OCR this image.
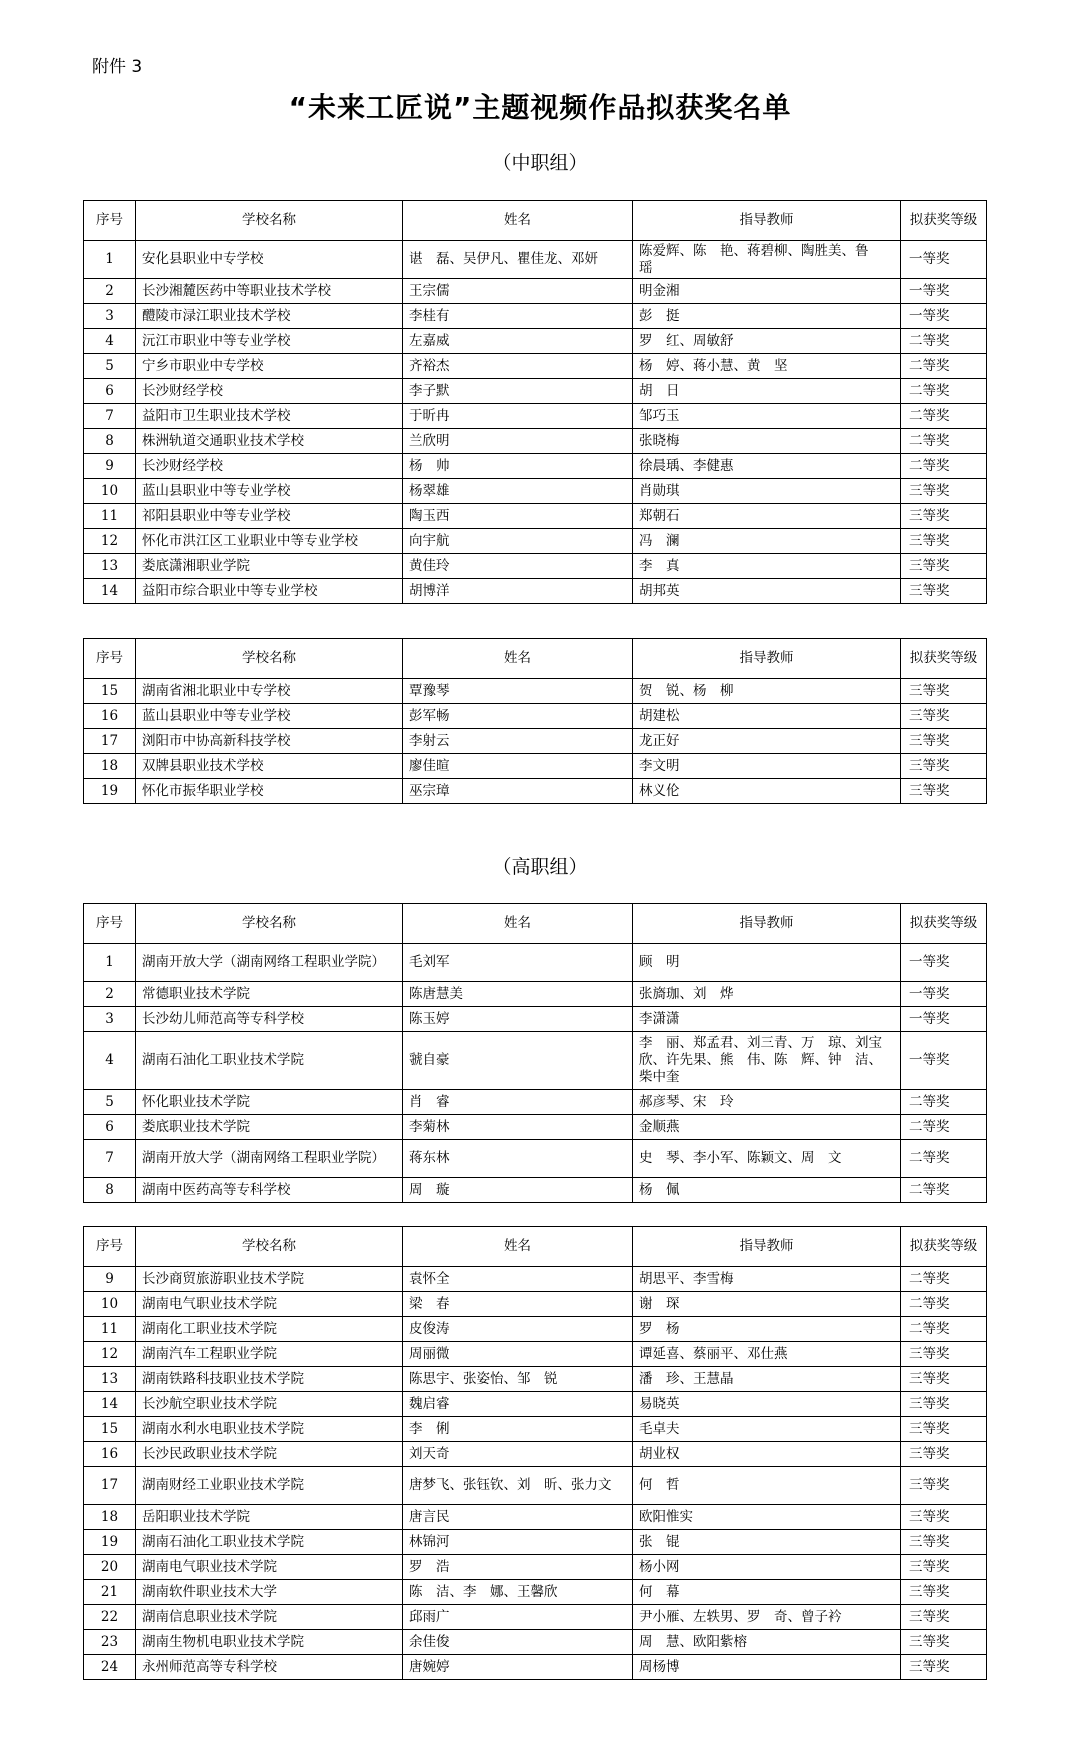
附件 3
“未来工匠说”主题视频作品拟获奖名单
（中职组）
序号	学校名称	姓名	指导教师	拟获奖等级
1	安化县职业中专学校	谌　磊、吴伊凡、瞿佳龙、邓妍	陈爱辉、陈　艳、蒋碧柳、陶胜美、鲁　瑶	一等奖
2	长沙湘麓医药中等职业技术学校	王宗儒	明金湘	一等奖
3	醴陵市渌江职业技术学校	李桂有	彭　挺	一等奖
4	沅江市职业中等专业学校	左嘉威	罗　红、周敏舒	二等奖
5	宁乡市职业中专学校	齐裕杰	杨　婷、蒋小慧、黄　坚	二等奖
6	长沙财经学校	李子默	胡　日	二等奖
7	益阳市卫生职业技术学校	于昕冉	邹巧玉	二等奖
8	株洲轨道交通职业技术学校	兰欣明	张晓梅	二等奖
9	长沙财经学校	杨　帅	徐晨瑀、李健惠	二等奖
10	蓝山县职业中等专业学校	杨翠雄	肖勋琪	三等奖
11	祁阳县职业中等专业学校	陶玉西	郑朝石	三等奖
12	怀化市洪江区工业职业中等专业学校	向宇航	冯　澜	三等奖
13	娄底潇湘职业学院	黄佳玲	李　真	三等奖
14	益阳市综合职业中等专业学校	胡博洋	胡邦英	三等奖
序号	学校名称	姓名	指导教师	拟获奖等级
15	湖南省湘北职业中专学校	覃豫琴	贺　锐、杨　柳	三等奖
16	蓝山县职业中等专业学校	彭军畅	胡建松	三等奖
17	浏阳市中协高新科技学校	李射云	龙正好	三等奖
18	双牌县职业技术学校	廖佳暄	李文明	三等奖
19	怀化市振华职业学校	巫宗璋	林义伦	三等奖
（高职组）
序号	学校名称	姓名	指导教师	拟获奖等级
1	湖南开放大学（湖南网络工程职业学院）	毛刘军	顾　明	一等奖
2	常德职业技术学院	陈唐慧美	张旖珈、刘　烨	一等奖
3	长沙幼儿师范高等专科学校	陈玉婷	李潇潇	一等奖
4	湖南石油化工职业技术学院	虢自豪	李　丽、郑孟君、刘三青、万　琼、刘宝欣、许先果、熊　伟、陈　辉、钟　洁、柴中奎	一等奖
5	怀化职业技术学院	肖　睿	郝彦琴、宋　玲	二等奖
6	娄底职业技术学院	李菊林	金顺燕	二等奖
7	湖南开放大学（湖南网络工程职业学院）	蒋东林	史　琴、李小军、陈颖文、周　文	二等奖
8	湖南中医药高等专科学校	周　璇	杨　佩	二等奖
序号	学校名称	姓名	指导教师	拟获奖等级
9	长沙商贸旅游职业技术学院	袁怀全	胡思平、李雪梅	二等奖
10	湖南电气职业技术学院	梁　春	谢　琛	二等奖
11	湖南化工职业技术学院	皮俊涛	罗　杨	二等奖
12	湖南汽车工程职业学院	周丽微	谭延喜、蔡丽平、邓仕燕	三等奖
13	湖南铁路科技职业技术学院	陈思宇、张姿怡、邹　锐	潘　珍、王慧晶	三等奖
14	长沙航空职业技术学院	魏启睿	易晓英	三等奖
15	湖南水利水电职业技术学院	李　俐	毛卓夫	三等奖
16	长沙民政职业技术学院	刘天奇	胡业权	三等奖
17	湖南财经工业职业技术学院	唐梦飞、张钰钦、刘　昕、张力文	何　哲	三等奖
18	岳阳职业技术学院	唐言民	欧阳惟实	三等奖
19	湖南石油化工职业技术学院	林锦河	张　锟	三等奖
20	湖南电气职业技术学院	罗　浩	杨小网	三等奖
21	湖南软件职业技术大学	陈　洁、李　娜、王馨欣	何　幕	三等奖
22	湖南信息职业技术学院	邱雨广	尹小雁、左轶男、罗　奇、曾子衿	三等奖
23	湖南生物机电职业技术学院	余佳俊	周　慧、欧阳紫榕	三等奖
24	永州师范高等专科学校	唐婉婷	周杨博	三等奖
